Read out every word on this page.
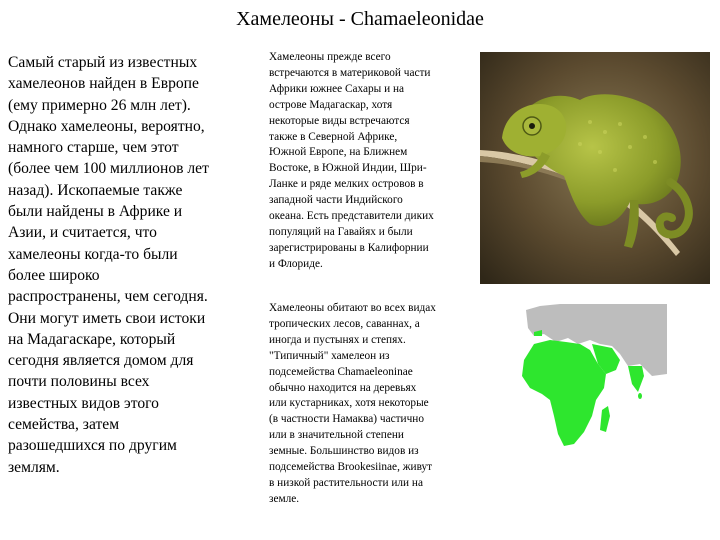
Хамелеоны - Chamaeleonidae
Самый старый из известных
хамелеонов найден в Европе
(ему примерно 26 млн лет).
Однако хамелеоны, вероятно,
намного старше, чем этот
(более чем 100 миллионов лет
назад). Ископаемые также
были найдены в Африке и
Азии, и считается, что
хамелеоны когда-то были
более широко
распространены, чем сегодня.
Они могут иметь свои истоки
на Мадагаскаре, который
сегодня является домом для
почти половины всех
известных видов этого
семейства, затем
разошедшихся по другим
землям.
Хамелеоны прежде всего
встречаются в материковой части
Африки южнее Сахары и на
острове Мадагаскар, хотя
некоторые виды встречаются
также в Северной Африке,
Южной Европе, на Ближнем
Востоке, в Южной Индии, Шри-
Ланке и ряде мелких островов в
западной части Индийского
океана. Есть представители диких
популяций на Гавайях и были
зарегистрированы в Калифорнии
и Флориде.
Хамелеоны обитают во всех видах
тропических лесов, саваннах, а
иногда и пустынях и степях.
"Типичный" хамелеон из
подсемейства Chamaeleoninae
обычно находится на деревьях
или кустарниках, хотя некоторые
(в частности Намаква) частично
или в значительной степени
земные. Большинство видов из
подсемейства Brookesiinae, живут
в низкой растительности или на
земле.
